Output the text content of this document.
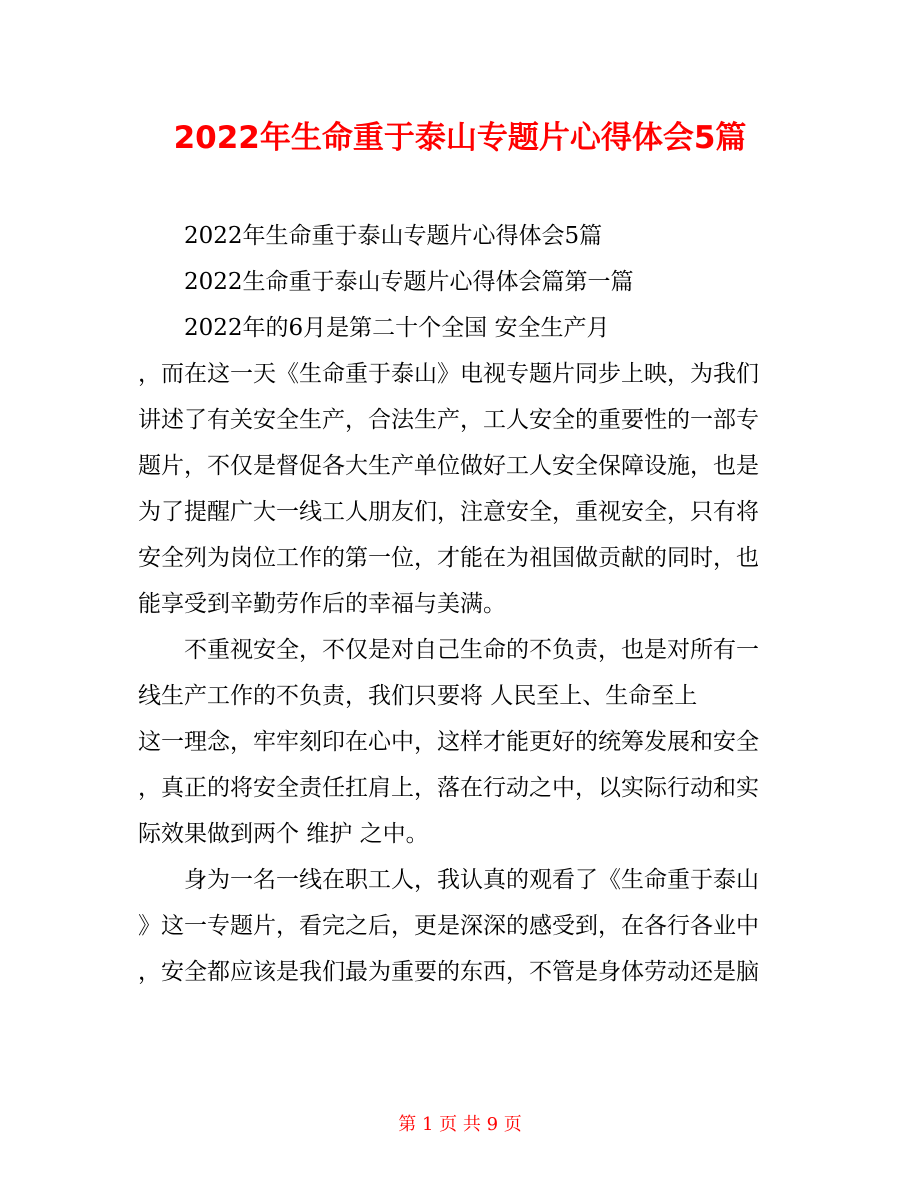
2022年生命重于泰山专题片心得体会5篇
2022年生命重于泰山专题片心得体会5篇
2022生命重于泰山专题片心得体会篇第一篇
2022年的6月是第二十个全国 安全生产月
，而在这一天《生命重于泰山》电视专题片同步上映，为我们
讲述了有关安全生产，合法生产，工人安全的重要性的一部专
题片，不仅是督促各大生产单位做好工人安全保障设施，也是
为了提醒广大一线工人朋友们，注意安全，重视安全，只有将
安全列为岗位工作的第一位，才能在为祖国做贡献的同时，也
能享受到辛勤劳作后的幸福与美满。
不重视安全，不仅是对自己生命的不负责，也是对所有一
线生产工作的不负责，我们只要将 人民至上、生命至上
这一理念，牢牢刻印在心中，这样才能更好的统筹发展和安全
，真正的将安全责任扛肩上，落在行动之中，以实际行动和实
际效果做到两个 维护 之中。
身为一名一线在职工人，我认真的观看了《生命重于泰山
》这一专题片，看完之后，更是深深的感受到，在各行各业中
，安全都应该是我们最为重要的东西，不管是身体劳动还是脑
第 1 页 共 9 页
